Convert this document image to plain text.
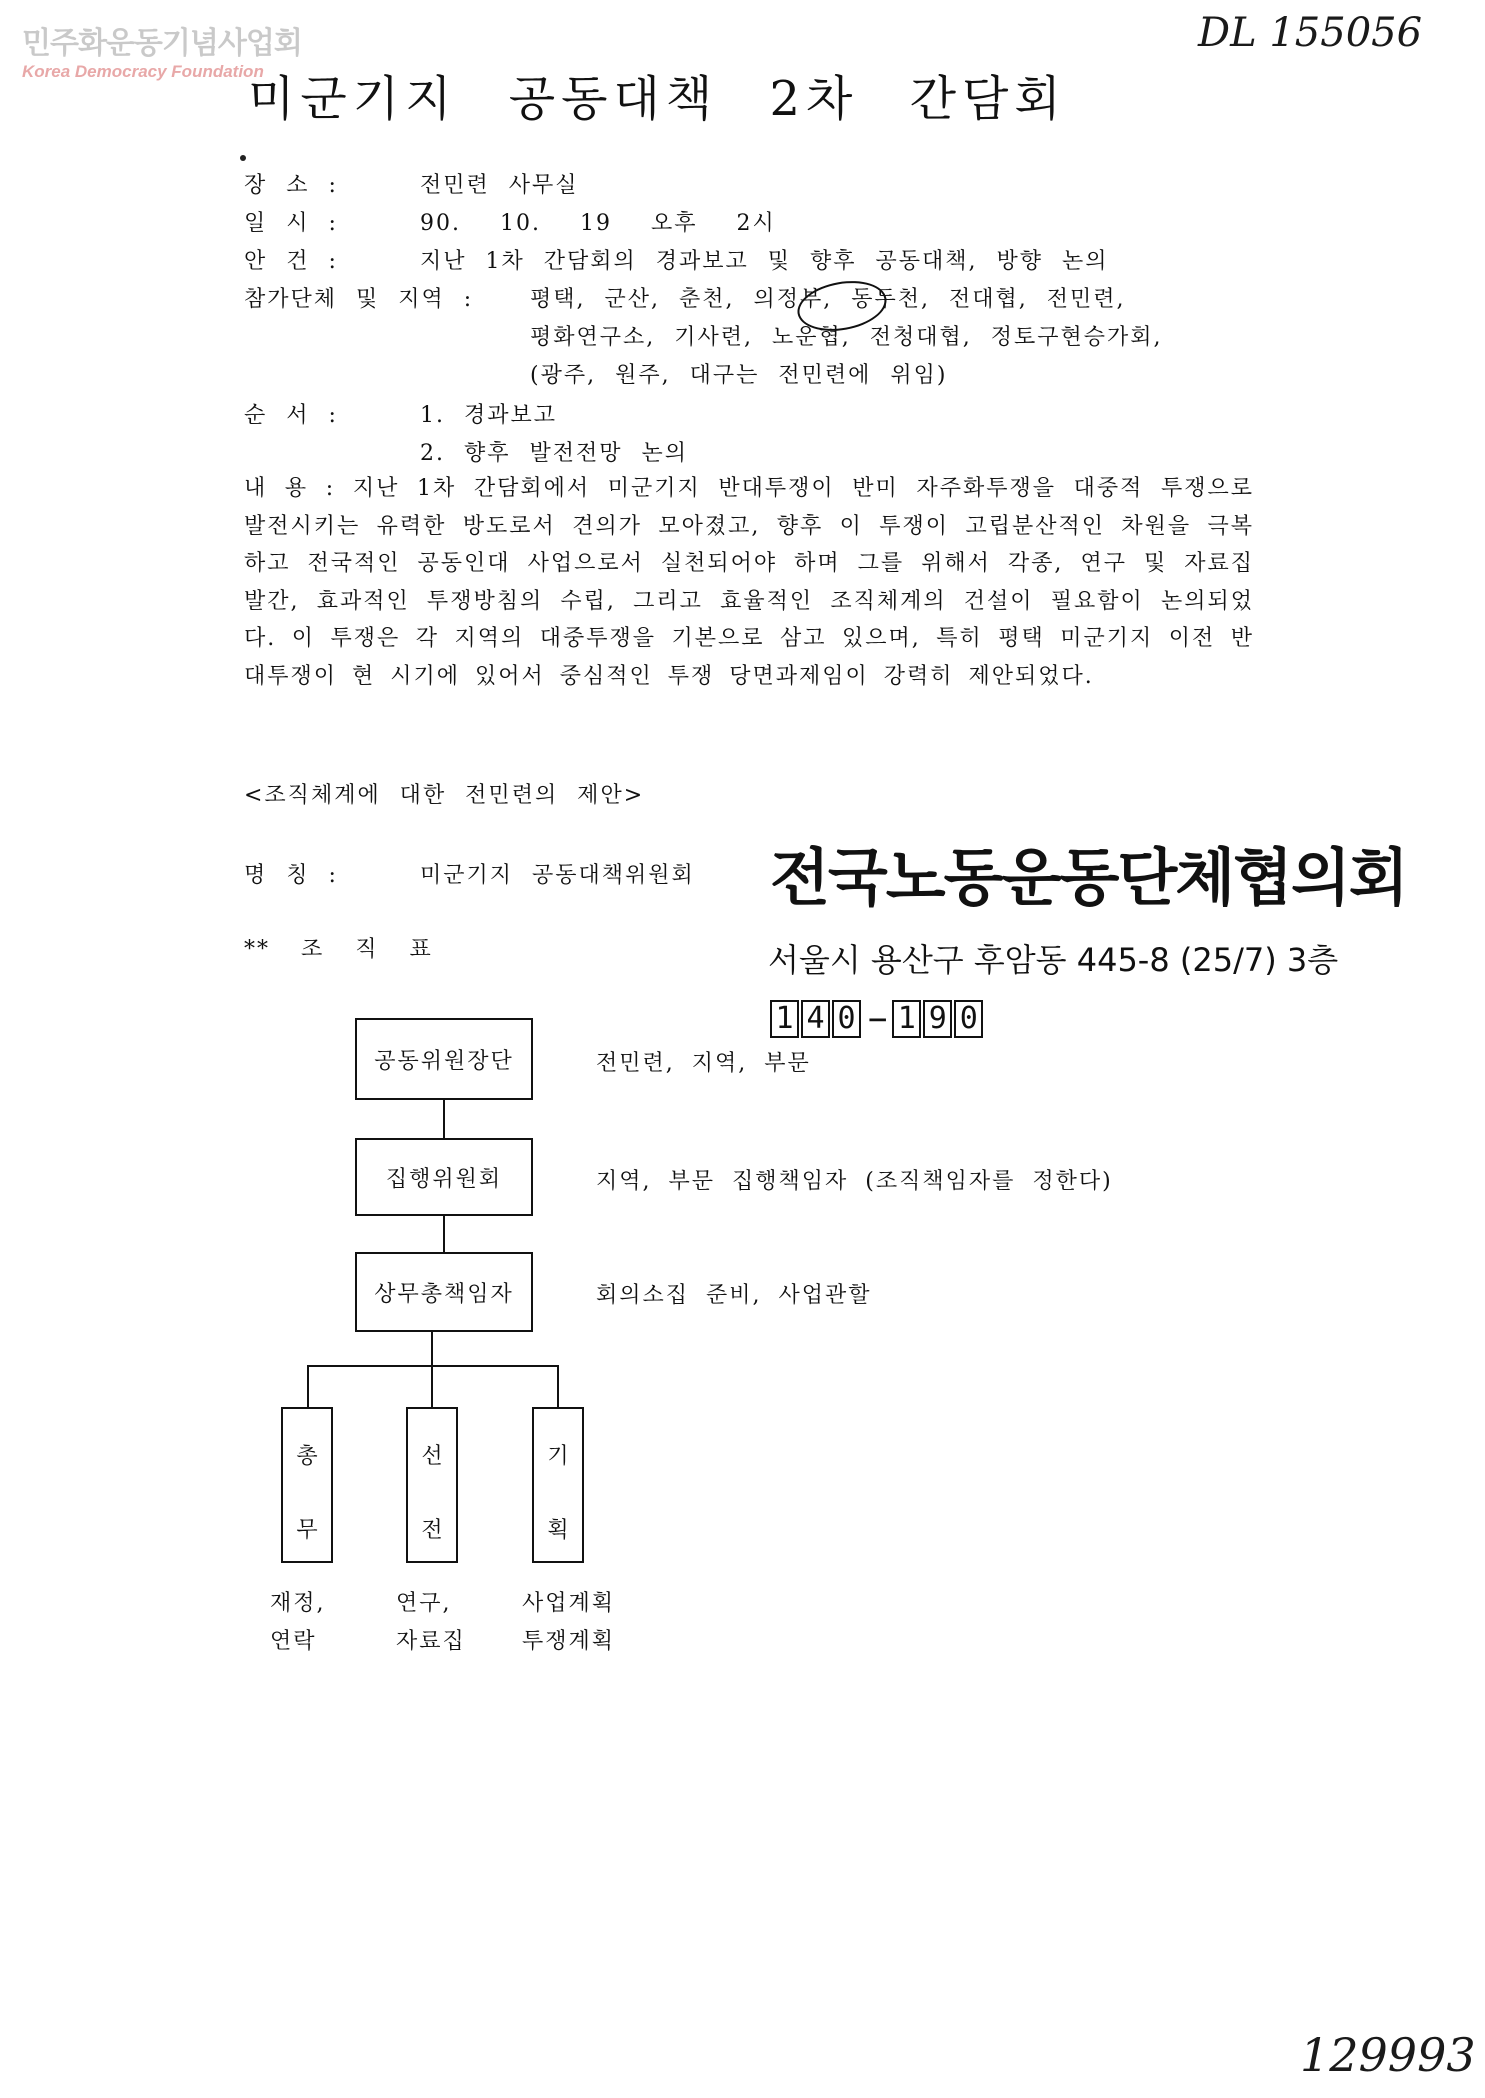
민주화운동기념사업회
Korea Democracy Foundation
DL 155056
129993
미군기지 공동대책 2차 간담회
장 소 :	전민련 사무실
일 시 :	90. 10. 19 오후 2시
안 건 :	지난 1차 간담회의 경과보고 및 향후 공동대책, 방향 논의
참가단체 및 지역 :	평택, 군산, 춘천, 의정부, 동두천, 전대협, 전민련,
평화연구소, 기사련, 노운협, 전청대협, 정토구현승가회,
(광주, 원주, 대구는 전민련에 위임)
순 서 :	1. 경과보고
2. 향후 발전전망 논의
내 용 : 지난 1차 간담회에서 미군기지 반대투쟁이 반미 자주화투쟁을 대중적 투쟁으로 발전시키는 유력한 방도로서 견의가 모아졌고, 향후 이 투쟁이 고립분산적인 차원을 극복하고 전국적인 공동인대 사업으로서 실천되어야 하며 그를 위해서 각종, 연구 및 자료집 발간, 효과적인 투쟁방침의 수립, 그리고 효율적인 조직체계의 건설이 필요함이 논의되었다. 이 투쟁은 각 지역의 대중투쟁을 기본으로 삼고 있으며, 특히 평택 미군기지 이전 반대투쟁이 현 시기에 있어서 중심적인 투쟁 당면과제임이 강력히 제안되었다.
<조직체계에 대한 전민련의 제안>
명 칭 :	미군기지 공동대책위원회
** 조 직 표
전국노동운동단체협의회
서울시 용산구 후암동 445-8 (25/7) 3층
1 4 0 − 1 9 0
공동위원장단	전민련, 지역, 부문
집행위원회	지역, 부문 집행책임자 (조직책임자를 정한다)
상무총책임자	회의소집 준비, 사업관할
총
무
선
전
기
획
재정,
연락
연구,
자료집
사업계획
투쟁계획
